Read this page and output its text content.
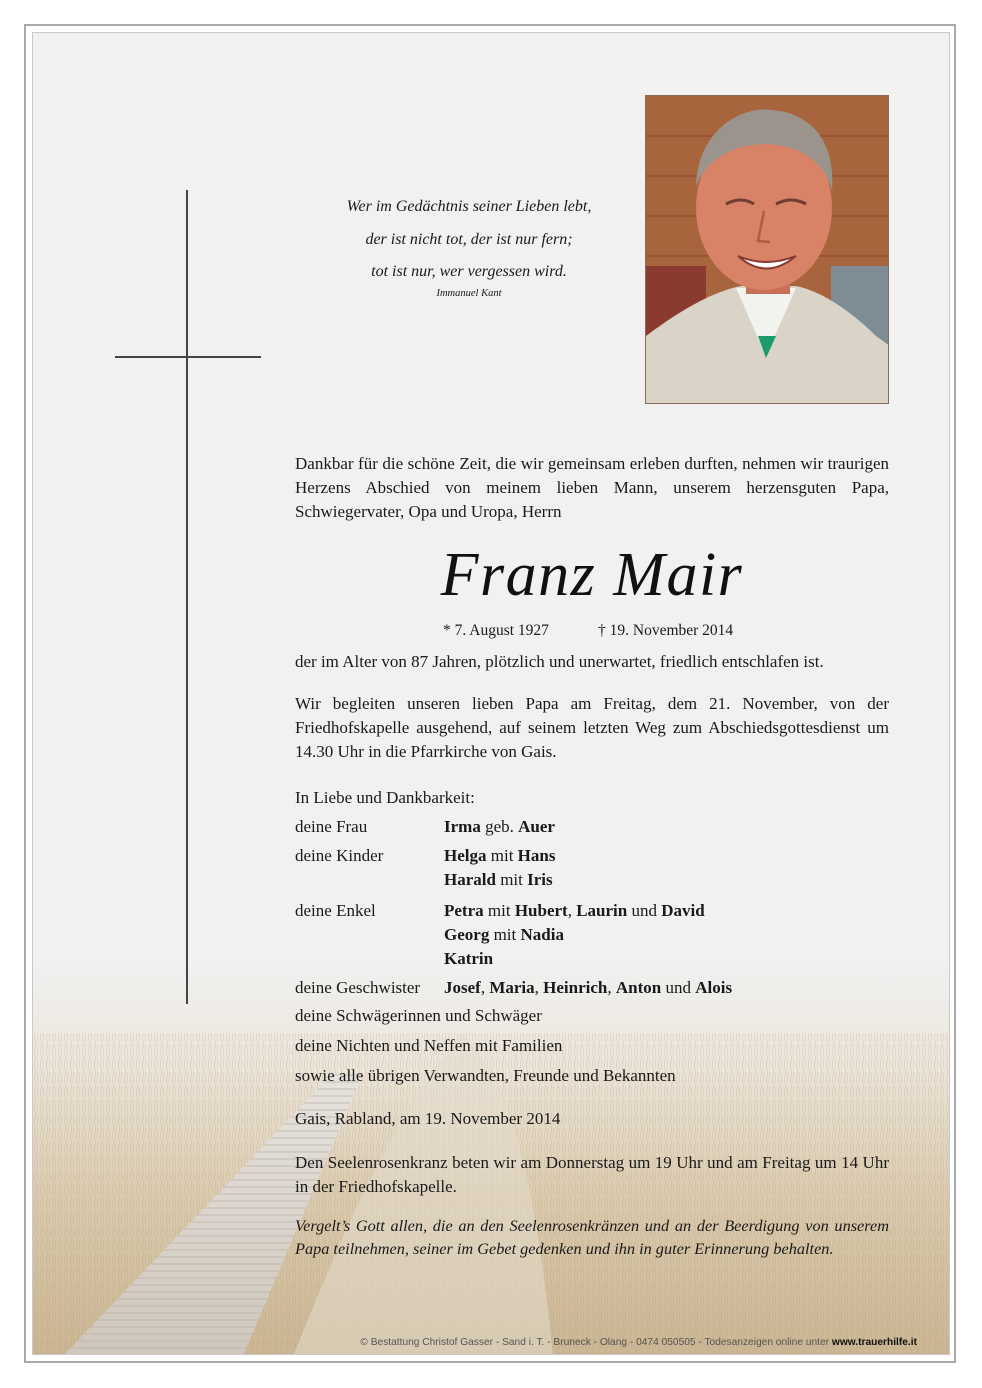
Wer im Gedächtnis seiner Lieben lebt,
der ist nicht tot, der ist nur fern;
tot ist nur, wer vergessen wird.
Immanuel Kant
Dankbar für die schöne Zeit, die wir gemeinsam erleben durften, nehmen wir traurigen Herzens Abschied von meinem lieben Mann, unserem herzensguten Papa, Schwiegervater, Opa und Uropa, Herrn
Franz Mair
* 7. August 1927	† 19. November 2014
der im Alter von 87 Jahren, plötzlich und unerwartet, friedlich entschlafen ist.
Wir begleiten unseren lieben Papa am Freitag, dem 21. November, von der Friedhofskapelle ausgehend, auf seinem letzten Weg zum Abschiedsgottesdienst um 14.30 Uhr in die Pfarrkirche von Gais.
In Liebe und Dankbarkeit:
deine Frau	Irma geb. Auer
deine Kinder	Helga mit Hans
Harald mit Iris
deine Enkel	Petra mit Hubert, Laurin und David
Georg mit Nadia
Katrin
deine Geschwister Josef, Maria, Heinrich, Anton und Alois
deine Schwägerinnen und Schwäger
deine Nichten und Neffen mit Familien
sowie alle übrigen Verwandten, Freunde und Bekannten
Gais, Rabland, am 19. November 2014
Den Seelenrosenkranz beten wir am Donnerstag um 19 Uhr und am Freitag um 14 Uhr in der Friedhofskapelle.
Vergelt’s Gott allen, die an den Seelenrosenkränzen und an der Beerdigung von unserem Papa teilnehmen, seiner im Gebet gedenken und ihn in guter Erinnerung behalten.
© Bestattung Christof Gasser - Sand i. T. - Bruneck - Olang - 0474 050505 - Todesanzeigen online unter www.trauerhilfe.it
